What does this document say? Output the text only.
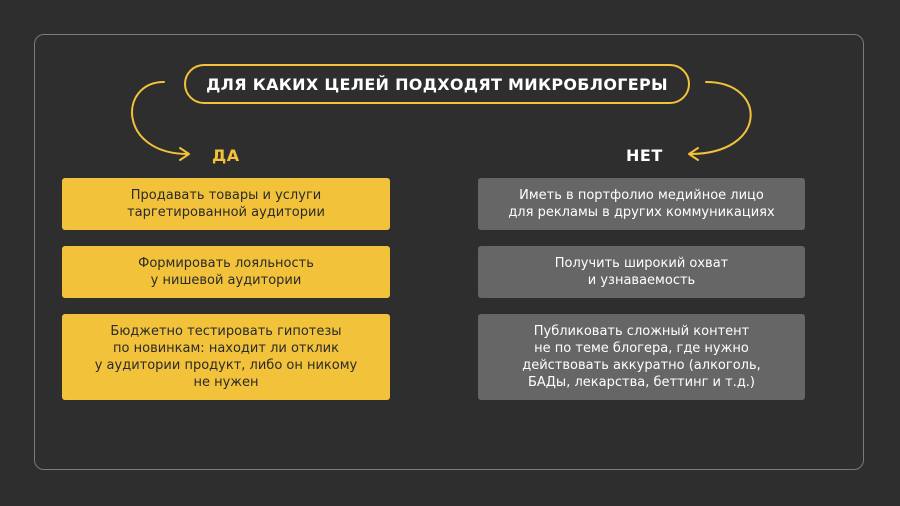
ДЛЯ КАКИХ ЦЕЛЕЙ ПОДХОДЯТ МИКРОБЛОГЕРЫ
ДА	НЕТ
Продавать товары и услуги
таргетированной аудитории
Формировать лояльность
у нишевой аудитории
Бюджетно тестировать гипотезы
по новинкам: находит ли отклик
у аудитории продукт, либо он никому
не нужен
Иметь в портфолио медийное лицо
для рекламы в других коммуникациях
Получить широкий охват
и узнаваемость
Публиковать сложный контент
не по теме блогера, где нужно
действовать аккуратно (алкоголь,
БАДы, лекарства, беттинг и т.д.)
